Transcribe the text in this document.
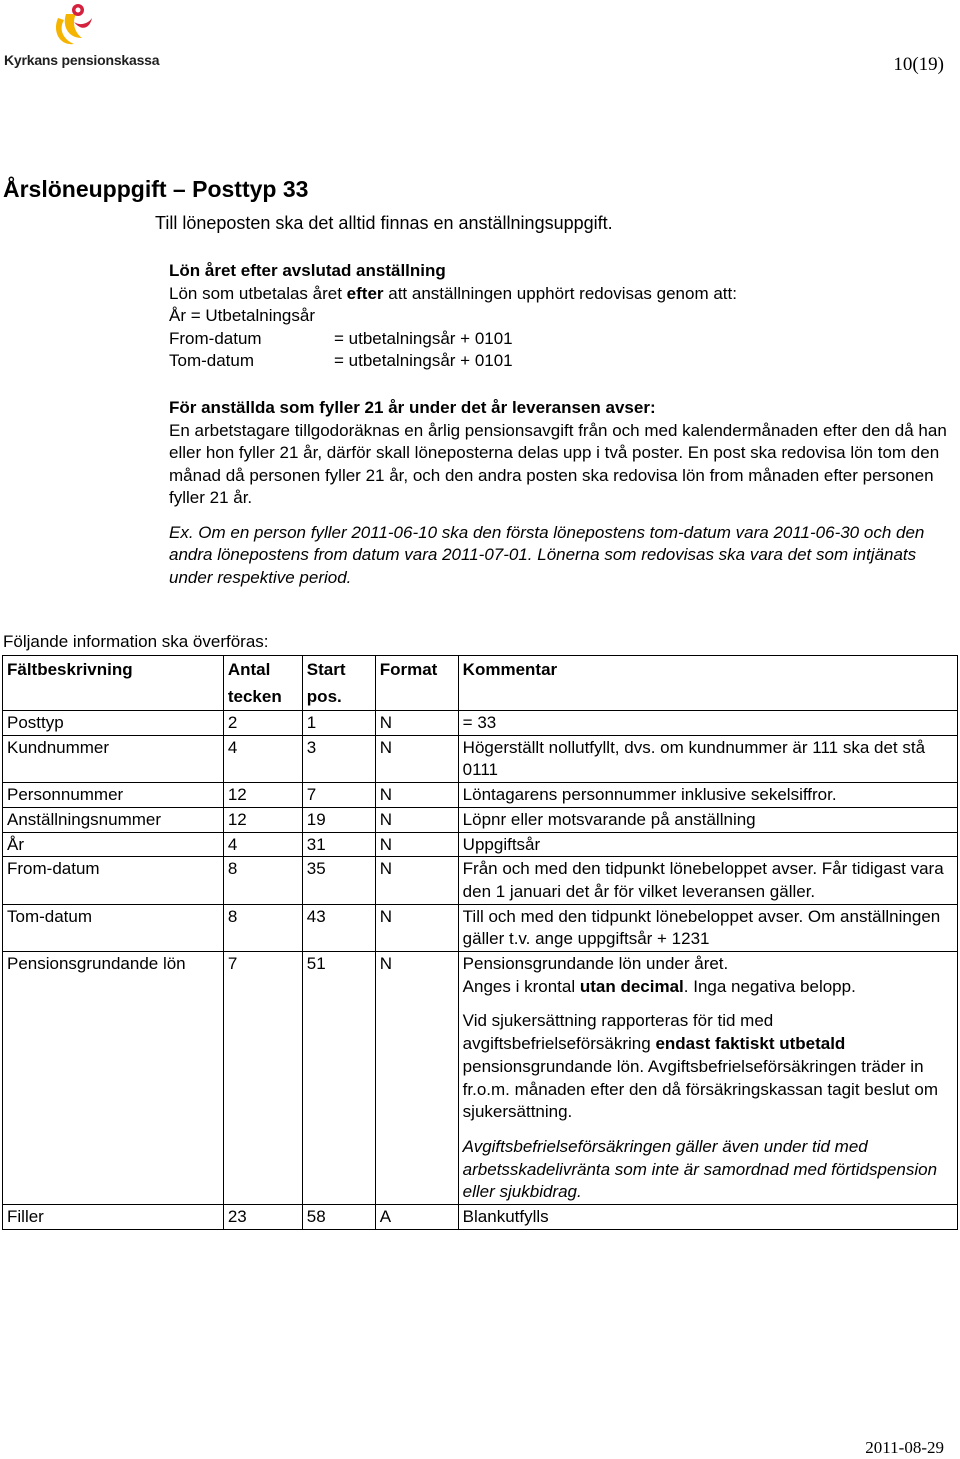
Kyrkans pensionskassa	10(19)
Årslöneuppgift – Posttyp 33
Till löneposten ska det alltid finnas en anställningsuppgift.

Lön året efter avslutad anställning

Lön som utbetalas året efter att anställningen upphört redovisas genom att:

År = Utbetalningsår

From-datum	= utbetalningsår + 0101
Tom-datum	= utbetalningsår + 0101

För anställda som fyller 21 år under det år leveransen avser:

En arbetstagare tillgodoräknas en årlig pensionsavgift från och med kalendermånaden efter den då han eller hon fyller 21 år, därför skall löneposterna delas upp i två poster. En post ska redovisa lön tom den månad då personen fyller 21 år, och den andra posten ska redovisa lön from månaden efter personen fyller 21 år.

Ex. Om en person fyller 2011-06-10 ska den första lönepostens tom-datum vara 2011-06-30 och den andra lönepostens from datum vara 2011-07-01. Lönerna som redovisas ska vara det som intjänats under respektive period.

Följande information ska överföras:
Fältbeskrivning	Antal tecken	Start pos.	Format	Kommentar
Posttyp	2	1	N	= 33
Kundnummer	4	3	N	Högerställt nollutfyllt, dvs. om kundnummer är 111 ska det stå 0111
Personnummer	12	7	N	Löntagarens personnummer inklusive sekelsiffror.
Anställningsnummer	12	19	N	Löpnr eller motsvarande på anställning
År	4	31	N	Uppgiftsår
From-datum	8	35	N	Från och med den tidpunkt lönebeloppet avser. Får tidigast vara den 1 januari det år för vilket leveransen gäller.
Tom-datum	8	43	N	Till och med den tidpunkt lönebeloppet avser. Om anställningen gäller t.v. ange uppgiftsår + 1231
Pensionsgrundande lön	7	51	N	Pensionsgrundande lön under året.

Anges i krontal utan decimal. Inga negativa belopp.

Vid sjukersättning rapporteras för tid med avgiftsbefrielseförsäkring endast faktiskt utbetald pensionsgrundande lön. Avgiftsbefrielseförsäkringen träder in fr.o.m. månaden efter den då försäkringskassan tagit beslut om sjukersättning.

Avgiftsbefrielseförsäkringen gäller även under tid med arbetsskadelivränta som inte är samordnad med förtidspension eller sjukbidrag.

Filler	23	58	A	Blankutfylls
2011-08-29
